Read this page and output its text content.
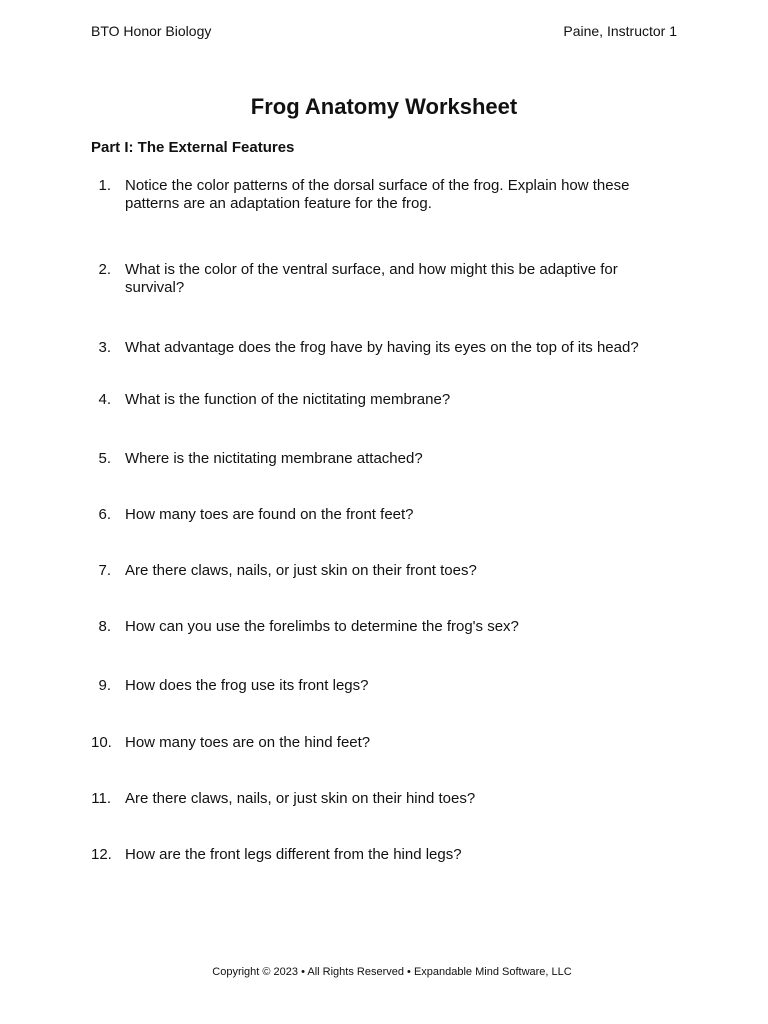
BTO Honor Biology	Paine, Instructor 1
Frog Anatomy Worksheet
Part I: The External Features
1. Notice the color patterns of the dorsal surface of the frog. Explain how these patterns are an adaptation feature for the frog.
2. What is the color of the ventral surface, and how might this be adaptive for survival?
3. What advantage does the frog have by having its eyes on the top of its head?
4. What is the function of the nictitating membrane?
5. Where is the nictitating membrane attached?
6. How many toes are found on the front feet?
7. Are there claws, nails, or just skin on their front toes?
8. How can you use the forelimbs to determine the frog's sex?
9. How does the frog use its front legs?
10. How many toes are on the hind feet?
11. Are there claws, nails, or just skin on their hind toes?
12. How are the front legs different from the hind legs?
Copyright © 2023 • All Rights Reserved • Expandable Mind Software, LLC
